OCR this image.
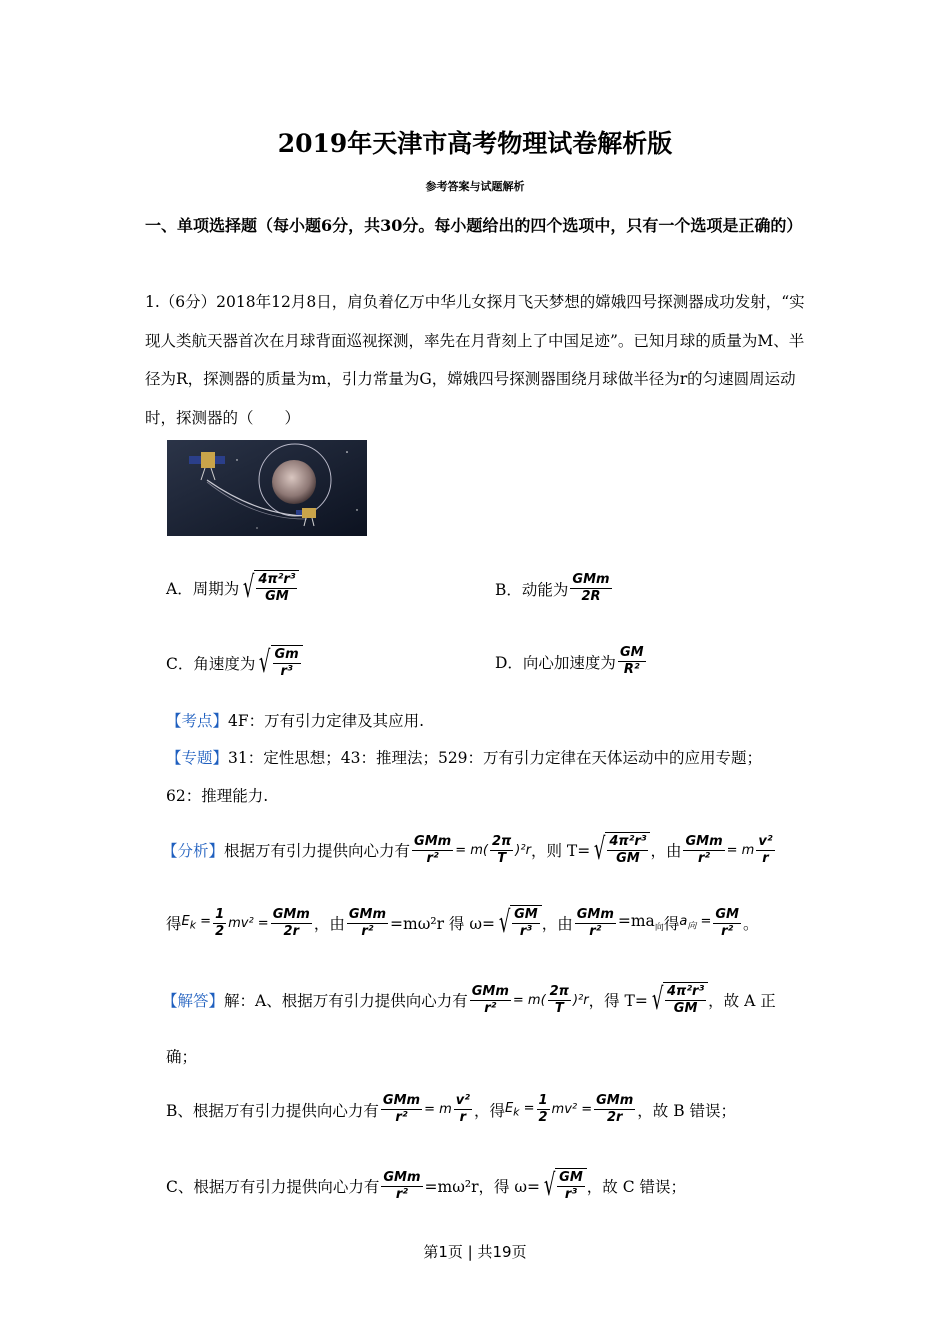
2019年天津市高考物理试卷解析版
参考答案与试题解析
一、单项选择题（每小题6分，共30分。每小题给出的四个选项中，只有一个选项是正确的）
1.（6分）2018年12月8日，肩负着亿万中华儿女探月飞天梦想的嫦娥四号探测器成功发射，“实现人类航天器首次在月球背面巡视探测，率先在月背刻上了中国足迹”。已知月球的质量为M、半径为R，探测器的质量为m，引力常量为G，嫦娥四号探测器围绕月球做半径为r的匀速圆周运动时，探测器的（　　）
A．周期为 √ $\frac{\text{4π²r³}}{GM}$	B．动能为 $\frac{\text{GMm}}{2R}$
C．角速度为 √ $\frac{Gm}{\text{r³}}$	D．向心加速度为 $\frac{GM}{\text{R²}}$
【考点】4F：万有引力定律及其应用.
【专题】31：定性思想；43：推理法；529：万有引力定律在天体运动中的应用专题；
62：推理能力.
【分析】 根据万有引力提供向心力有 $\frac{\text{GMm}}{\text{r²}} = m( \frac{2\pi}{T} )^2r$ ，则 T= √ $\frac{\text{4π²r³}}{GM}$ ，由 $\frac{\text{GMm}}{\text{r²}} = m \frac{\text{v²}}{r}$
得 $E_k = \frac{1}{2} mv^2 = \frac{\text{GMm}}{2r}$ ，由 $\frac{\text{GMm}}{\text{r²}} =m\omega^2r$ 得 ω= √ $\frac{GM}{\text{r³}}$ ，由 $\frac{\text{GMm}}{\text{r²}} =ma_向$ 得 $a_向 = \frac{GM}{\text{r²}}$ 。
【解答】 解：A、根据万有引力提供向心力有 $\frac{\text{GMm}}{\text{r²}} = m( \frac{2\pi}{T} )^2r$ ，得 T= √ $\frac{\text{4π²r³}}{GM}$ ，故 A 正
确；
B、根据万有引力提供向心力有 $\frac{\text{GMm}}{\text{r²}} = m \frac{\text{v²}}{r}$ ，得 $E_k = \frac{1}{2} mv^2 = \frac{\text{GMm}}{2r}$ ，故 B 错误；
C、根据万有引力提供向心力有 $\frac{\text{GMm}}{\text{r²}} =m\omega^2r$，得 ω= √ $\frac{GM}{\text{r³}}$ ，故 C 错误；
第1页 | 共19页
